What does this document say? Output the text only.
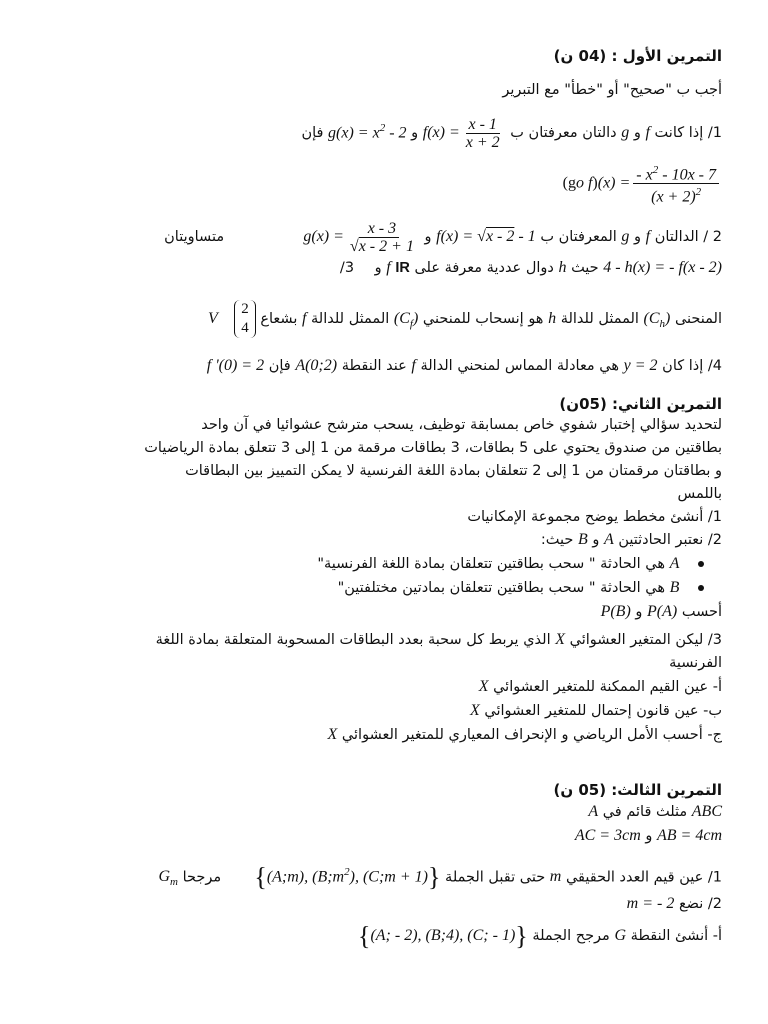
التمرين الأول : (04 ن)
أجب ب "صحيح" أو "خطأ" مع التبرير
1/ إذا كانت f و g دالتان معرفتان ب $f(x) = \frac{x - 1}{x + 2}$
و $g(x) = x^2 - 2$ فإن
(go $f)(x) = \frac{- x^2 - 10x - 7}{(x + 2)^2}$
2 / الدالتان f و g المعرفتان ب f(x) = √x - 2 - 1 و $g(x) = \frac{x - 3}{√x - 2 + 1}$
متساويتان
4 - h(x) = - f(x - 2) حيث h دوال عددية معرفة على IR f و 3/
المنحنى $(C_h)$ الممثل للدالة h هو إنسحاب للمنحني $(C_f)$ الممثل للدالة f بشعاع
V⃗
2
4
4/ إذا كان y = 2 هي معادلة المماس لمنحني الدالة f عند النقطة A(0;2) فإن f '(0) = 2
التمرين الثاني: (05ن)
لتحديد سؤالي إختبار شفوي خاص بمسابقة توظيف، يسحب مترشح عشوائيا في آن واحد
بطاقتين من صندوق يحتوي على 5 بطاقات، 3 بطاقات مرقمة من 1 إلى 3 تتعلق بمادة الرياضيات
و بطاقتان مرقمتان من 1 إلى 2 تتعلقان بمادة اللغة الفرنسية لا يمكن التمييز بين البطاقات
باللمس
1/ أنشئ مخطط يوضح مجموعة الإمكانيات
2/ نعتبر الحادثتين A و B حيث:
A هي الحادثة " سحب بطاقتين تتعلقان بمادة اللغة الفرنسية"
B هي الحادثة " سحب بطاقتين تتعلقان بمادتين مختلفتين"
أحسب P(A) و P(B)
3/ ليكن المتغير العشوائي X الذي يربط كل سحبة بعدد البطاقات المسحوبة المتعلقة بمادة اللغة
الفرنسية
أ- عين القيم الممكنة للمتغير العشوائي X
ب- عين قانون إحتمال للمتغير العشوائي X
ج- أحسب الأمل الرياضي و الإنحراف المعياري للمتغير العشوائي X
التمرين الثالث: (05 ن)
ABC مثلث قائم في A
AB = 4cm و AC = 3cm
1/ عين قيم العدد الحقيقي m حتى تقبل الجملة {(A;m), $(B;m^2)$, (C;m + 1)}  مرجحا $G_m$
2/ نضع m = - 2
أ- أنشئ النقطة G مرجح الجملة {(A; - 2), (B;4), (C; - 1)}
